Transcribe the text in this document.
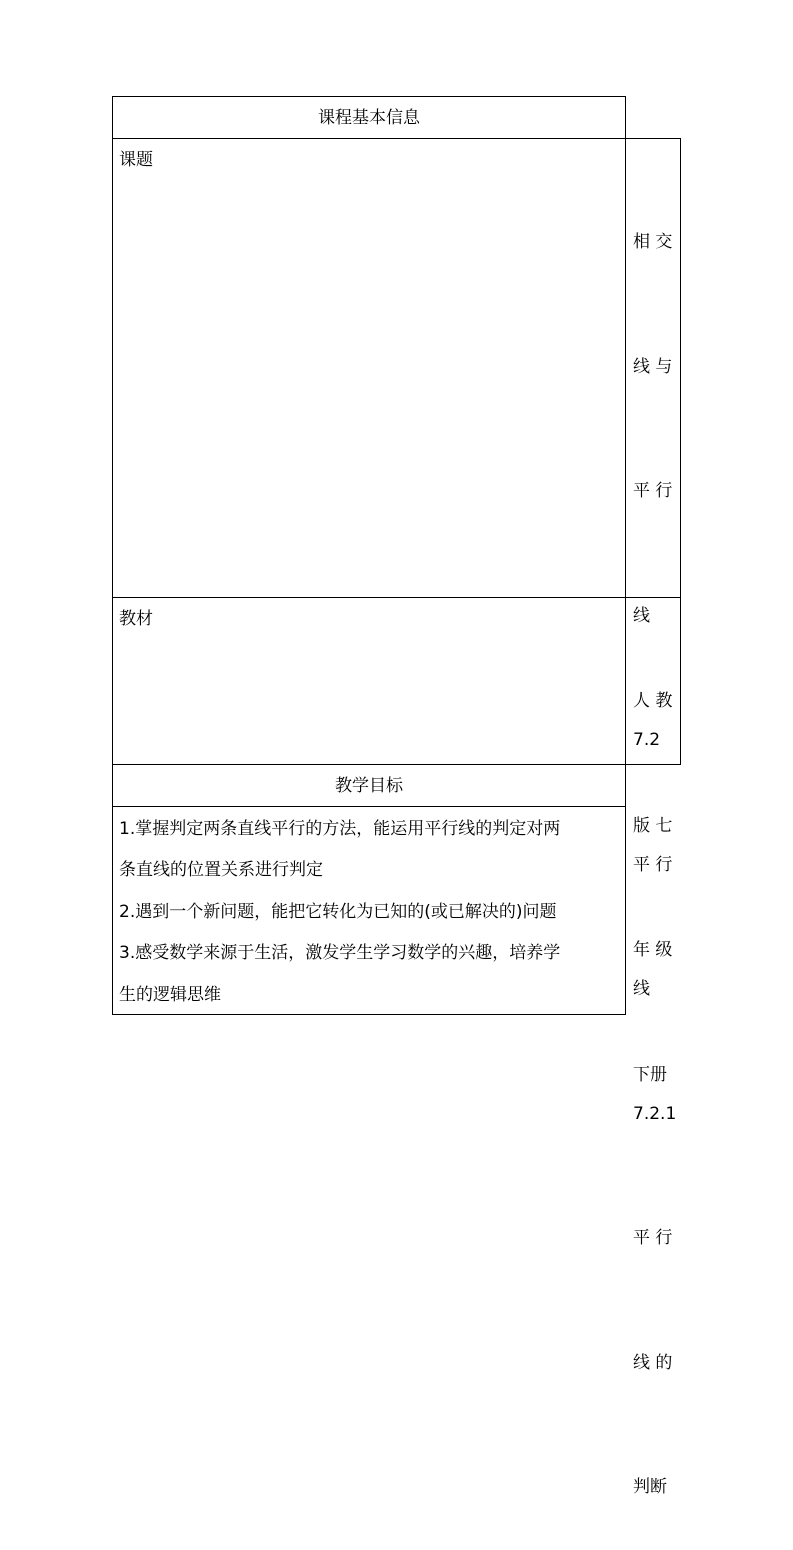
课程基本信息
课题

相 交

线 与

平 行

线

7.2

平 行

线

7.2.1

平 行

线 的

判断

教材

人 教

版 七

年 级

下册

教学目标
1.掌握判定两条直线平行的方法，能运用平行线的判定对两
条直线的位置关系进行判定
2.遇到一个新问题，能把它转化为已知的(或已解决的)问题
3.感受数学来源于生活，激发学生学习数学的兴趣，培养学
生的逻辑思维
